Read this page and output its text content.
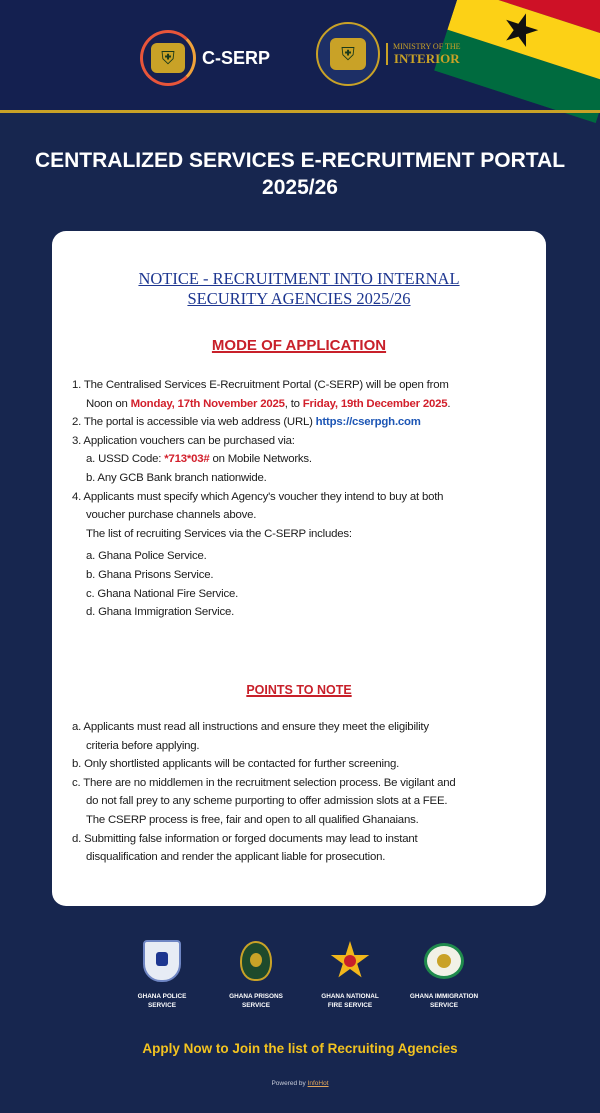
★
⛨	C-SERP	⛨	MINISTRY OF THE
INTERIOR
CENTRALIZED SERVICES E-RECRUITMENT PORTAL
2025/26
NOTICE - RECRUITMENT INTO INTERNAL
SECURITY AGENCIES 2025/26
MODE OF APPLICATION
1. The Centralised Services E-Recruitment Portal (C-SERP) will be open from
Noon on Monday, 17th November 2025, to Friday, 19th December 2025.
2. The portal is accessible via web address (URL) https://cserpgh.com
3. Application vouchers can be purchased via:
a. USSD Code: *713*03# on Mobile Networks.
b. Any GCB Bank branch nationwide.
4. Applicants must specify which Agency's voucher they intend to buy at both
voucher purchase channels above.
The list of recruiting Services via the C-SERP includes:
a. Ghana Police Service.
b. Ghana Prisons Service.
c. Ghana National Fire Service.
d. Ghana Immigration Service.
POINTS TO NOTE
a. Applicants must read all instructions and ensure they meet the eligibility
criteria before applying.
b. Only shortlisted applicants will be contacted for further screening.
c. There are no middlemen in the recruitment selection process. Be vigilant and
do not fall prey to any scheme purporting to offer admission slots at a FEE.
The CSERP process is free, fair and open to all qualified Ghanaians.
d. Submitting false information or forged documents may lead to instant
disqualification and render the applicant liable for prosecution.
GHANA POLICE
SERVICE
GHANA PRISONS
SERVICE
GHANA NATIONAL
FIRE SERVICE
GHANA IMMIGRATION
SERVICE
Apply Now to Join the list of Recruiting Agencies
Powered by InfoHot
